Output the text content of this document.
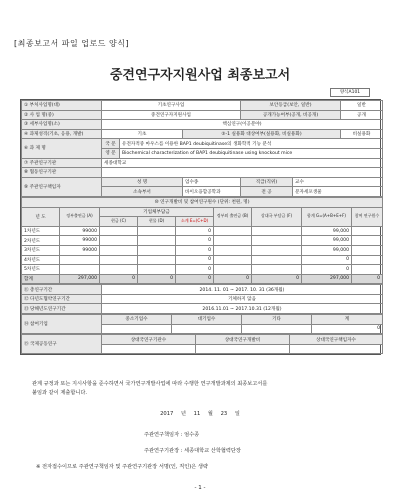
[최종보고서 파일 업로드 양식]
중견연구자지원사업 최종보고서
양식A101
① 부처사업명(대)	기초연구사업			보안등급(보안, 일반)		일반
② 사 업 명(중)	중견연구자지원사업			공개가능여부(공개, 비공개)		공개
③ 세부사업명(소)	핵심연구(이공분야)					
④ 과제성격(기초, 응용, 개발)	기초		⑤-1 실용화 대상여부(실용화, 비실용화)			비실용화
⑥ 과 제 명	국 문	유전자적중 마우스를 이용한 BAP1 deubiquitinase의 생화학적 기능 분석				
	영 문	Biochemical characterization of BAP1 deubiquitinase using knockout mice				
⑦ 주관연구기관	세종대학교					
⑧ 협동연구기관						
⑨ 주관연구책임자	성 명		엄수종	직급(직위)	교수	
	소속부서		바이오융합공학과	전 공	분자세포생물	
⑩ 연구개발비 및 참여연구원수 (단위: 천원, 명)								
년 도	정부출연금 (A)	기업체부담금			정부외 출연금 (B)	상대국 부담금 (F)	합계 G=(A+B+E+F)	참여 연구원수
		현금 (C)	현물 (D)	소계 E=(C+D)				
1차년도	99000			0			99,000	
2차년도	99000			0			99,000	
3차년도	99000			0			99,000	
4차년도				0			0	
5차년도				0			0	
합계	297,000	0	0	0	0	0	297,000	0
⑪ 총연구기간	2014. 11. 01 ~ 2017. 10. 31 (36개월)
⑫ 다년도협약연구기간	기체하지 않음
⑬ 당해년도연구기간	2016.11.01 ~ 2017.10.31 (12개월)
⑭ 참여기업	중소기업수	대기업수	기타	계
				0
⑮ 국제공동연구	상대국연구기관수	상대국연구개발비	상대국연구책임자수

관계 규정과 또는 지시사항을 준수하면서 국가연구개발사업에 따라 수행한 연구개발과제의 최종보고서를
붙임과 같이 제출합니다.
2017 년 11 월 23 일
주관연구책임자 : 엄수종
주관연구기관장 : 세종대학교 산학협력단장
※ 전자접수이므로 주관연구책임자 및 주관연구기관장 서명(인, 직인)은 생략
- 1 -
